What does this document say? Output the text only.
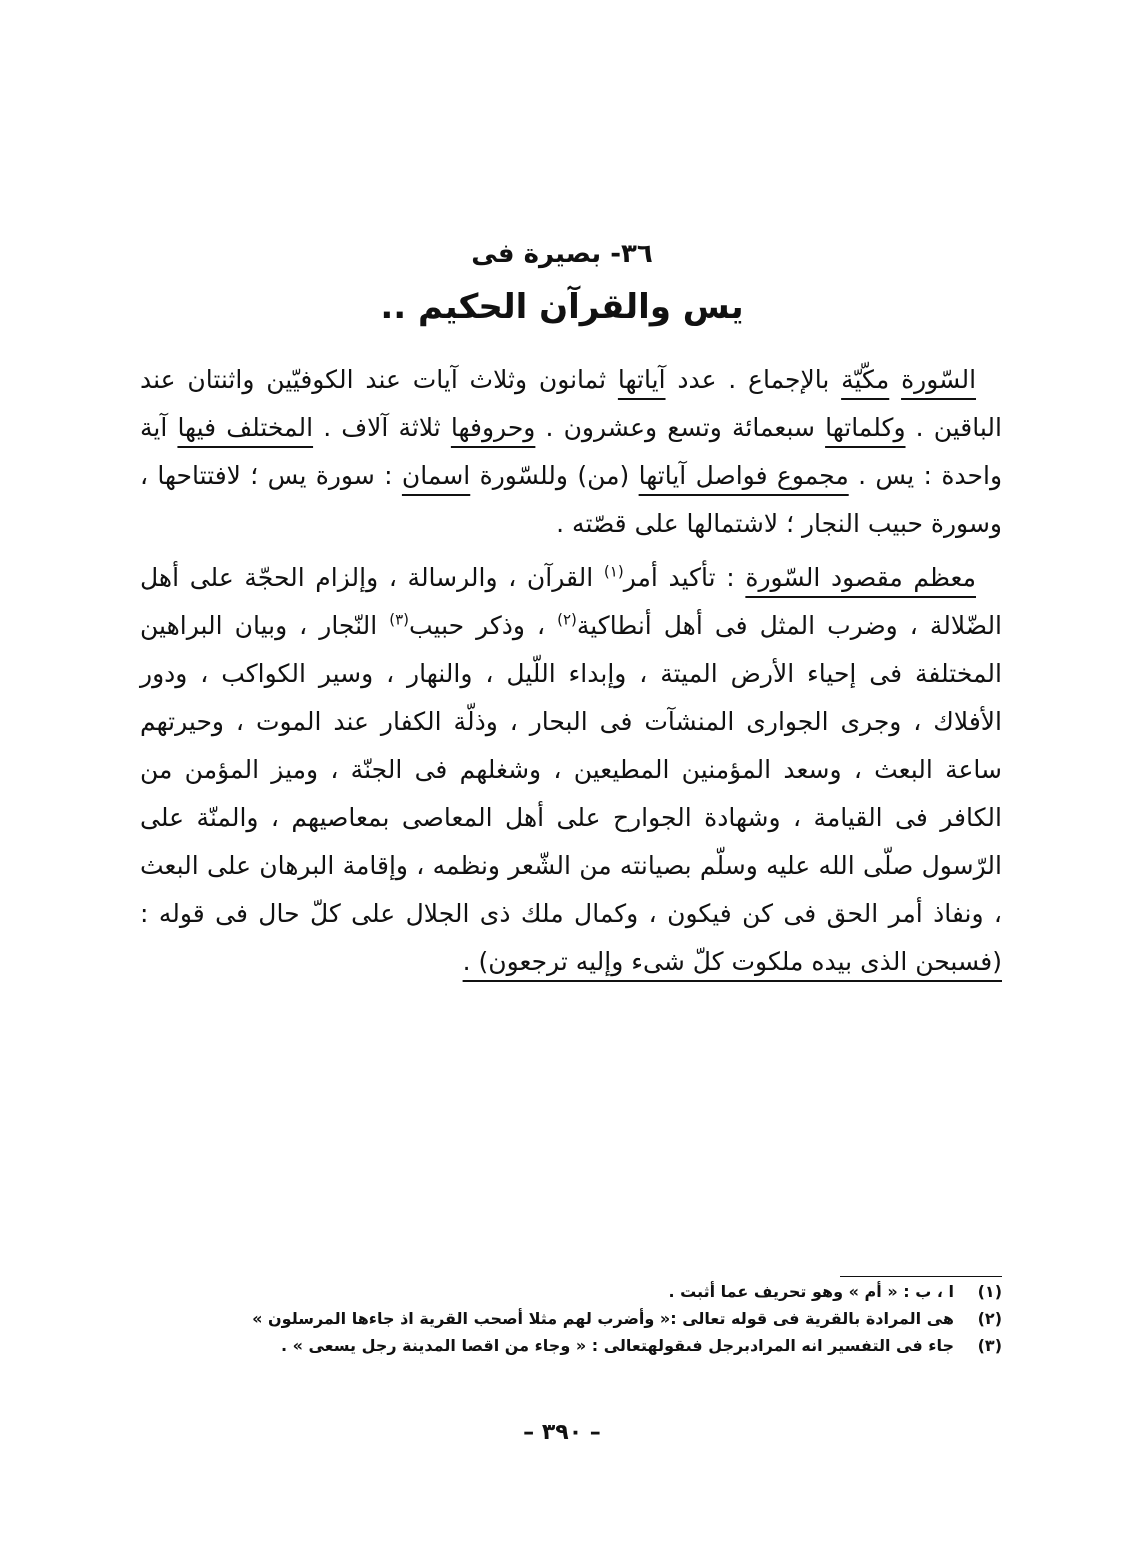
٣٦- بصيرة فى
يس والقرآن الحكيم ..

السّورة مكّيّة بالإجماع . عدد آياتها ثمانون وثلاث آيات عند الكوفيّين واثنتان عند الباقين . وكلماتها سبعمائة وتسع وعشرون . وحروفها ثلاثة آلاف . المختلف فيها آية واحدة : يس . مجموع فواصل آياتها (من) وللسّورة اسمان : سورة يس ؛ لافتتاحها ، وسورة حبيب النجار ؛ لاشتمالها على قصّته .

معظم مقصود السّورة : تأكيد أمر$^{(١)}$ القرآن ، والرسالة ، وإلزام الحجّة على أهل الضّلالة ، وضرب المثل فى أهل أنطاكية$^{(٢)}$ ، وذكر حبيب$^{(٣)}$ النّجار ، وبيان البراهين المختلفة فى إحياء الأرض الميتة ، وإبداء اللّيل ، والنهار ، وسير الكواكب ، ودور الأفلاك ، وجرى الجوارى المنشآت فى البحار ، وذلّة الكفار عند الموت ، وحيرتهم ساعة البعث ، وسعد المؤمنين المطيعين ، وشغلهم فى الجنّة ، وميز المؤمن من الكافر فى القيامة ، وشهادة الجوارح على أهل المعاصى بمعاصيهم ، والمنّة على الرّسول صلّى الله عليه وسلّم بصيانته من الشّعر ونظمه ، وإقامة البرهان على البعث ، ونفاذ أمر الحق فى كن فيكون ، وكمال ملك ذى الجلال على كلّ حال فى قوله : (فسبحن الذى بيده ملكوت كلّ شىء وإليه ترجعون) .

(١)
ا ، ب : « أم » وهو تحريف عما أثبت .
(٢)
هى المرادة بالقرية فى قوله تعالى :« وأضرب لهم مثلا أصحب القرية اذ جاءها المرسلون »
(٣)
جاء فى التفسير انه المرادبرجل فىقولهتعالى : « وجاء من اقصا المدينة رجل يسعى » .
– ٣٩٠ –
